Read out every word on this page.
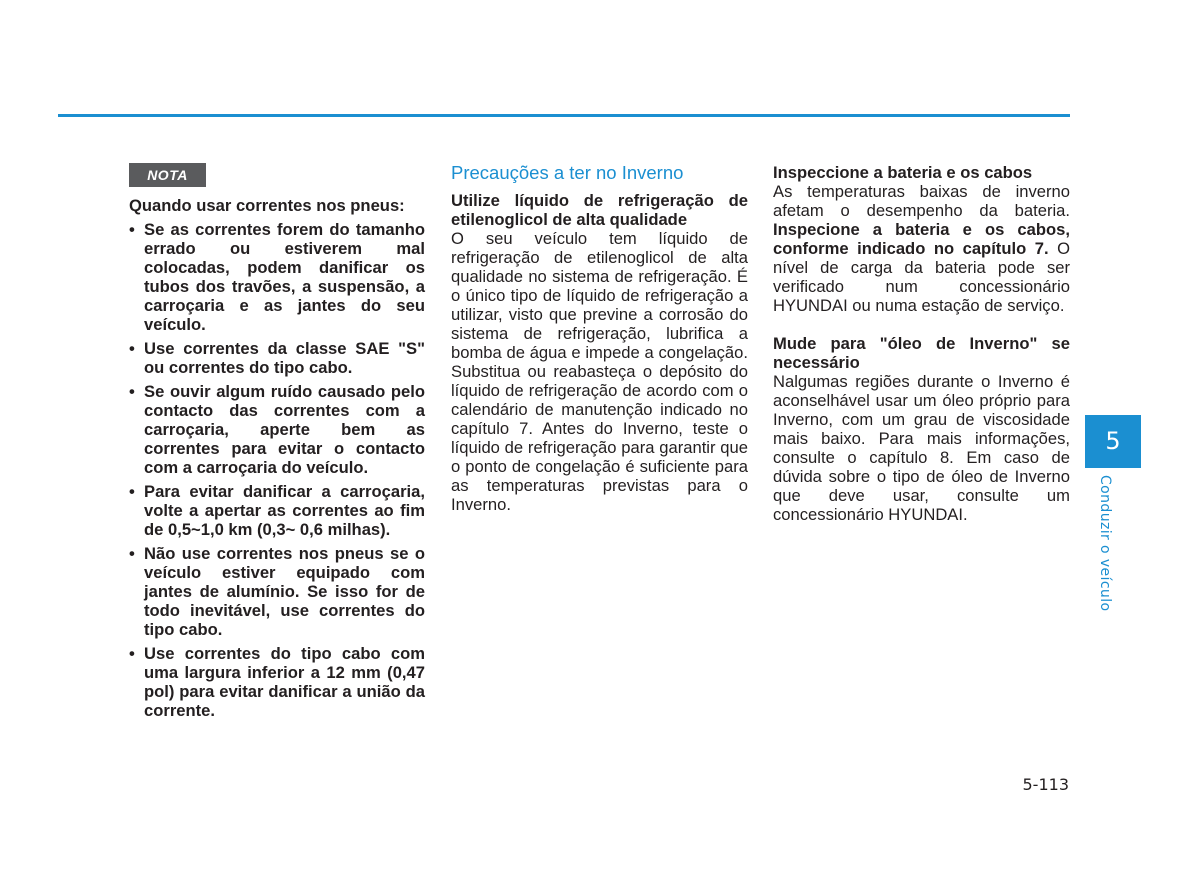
NOTA

Quando usar correntes nos pneus:

• Se as correntes forem do tamanho errado ou estiverem mal colocadas, podem danificar os tubos dos travões, a suspensão, a carroçaria e as jantes do seu veículo.
• Use correntes da classe SAE "S" ou correntes do tipo cabo.
• Se ouvir algum ruído causado pelo contacto das correntes com a carroçaria, aperte bem as correntes para evitar o contacto com a carroçaria do veículo.
• Para evitar danificar a carroçaria, volte a apertar as correntes ao fim de 0,5~1,0 km (0,3~ 0,6 milhas).
• Não use correntes nos pneus se o veículo estiver equipado com jantes de alumínio. Se isso for de todo inevitável, use correntes do tipo cabo.
• Use correntes do tipo cabo com uma largura inferior a 12 mm (0,47 pol) para evitar danificar a união da corrente.
Precauções a ter no Inverno

Utilize líquido de refrigeração de etilenoglicol de alta qualidade

O seu veículo tem líquido de refrigeração de etilenoglicol de alta qualidade no sistema de refrigeração. É o único tipo de líquido de refrigeração a utilizar, visto que previne a corrosão do sistema de refrigeração, lubrifica a bomba de água e impede a congelação. Substitua ou reabasteça o depósito do líquido de refrigeração de acordo com o calendário de manutenção indicado no capítulo 7. Antes do Inverno, teste o líquido de refrigeração para garantir que o ponto de congelação é suficiente para as temperaturas previstas para o Inverno.

Inspeccione a bateria e os cabos

As temperaturas baixas de inverno afetam o desempenho da bateria. Inspecione a bateria e os cabos, conforme indicado no capítulo 7. O nível de carga da bateria pode ser verificado num concessionário HYUNDAI ou numa estação de serviço.

Mude para "óleo de Inverno" se necessário

Nalgumas regiões durante o Inverno é aconselhável usar um óleo próprio para Inverno, com um grau de viscosidade mais baixo. Para mais informações, consulte o capítulo 8. Em caso de dúvida sobre o tipo de óleo de Inverno que deve usar, consulte um concessionário HYUNDAI.

5
Conduzir o veículo
5-113
